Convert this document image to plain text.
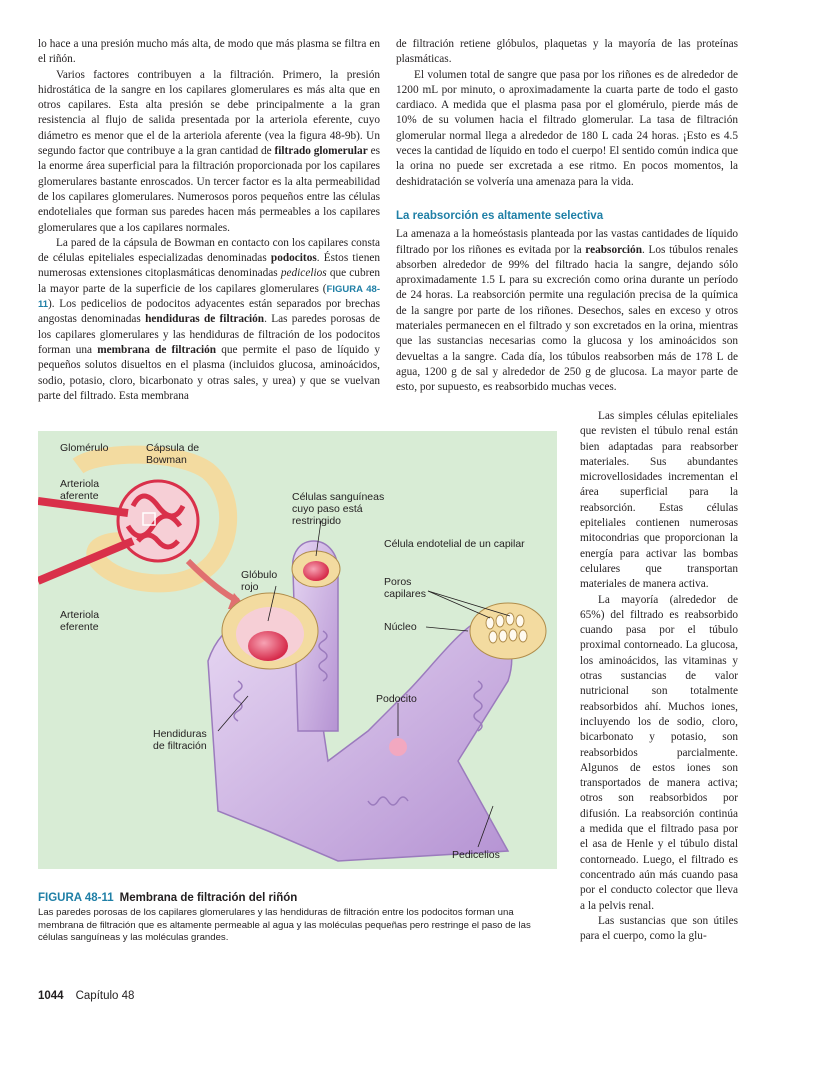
lo hace a una presión mucho más alta, de modo que más plasma se filtra en el riñón.

Varios factores contribuyen a la filtración. Primero, la presión hidrostática de la sangre en los capilares glomerulares es más alta que en otros capilares. Esta alta presión se debe principalmente a la gran resistencia al flujo de salida presentada por la arteriola eferente, cuyo diámetro es menor que el de la arteriola aferente (vea la figura 48-9b). Un segundo factor que contribuye a la gran cantidad de filtrado glomerular es la enorme área superficial para la filtración proporcionada por los capilares glomerulares bastante enroscados. Un tercer factor es la alta permeabilidad de los capilares glomerulares. Numerosos poros pequeños entre las células endoteliales que forman sus paredes hacen más permeables a los capilares glomerulares que a los capilares normales.

La pared de la cápsula de Bowman en contacto con los capilares consta de células epiteliales especializadas denominadas podocitos. Éstos tienen numerosas extensiones citoplasmáticas denominadas pedicelios que cubren la mayor parte de la superficie de los capilares glomerulares (FIGURA 48-11). Los pedicelios de podocitos adyacentes están separados por brechas angostas denominadas hendiduras de filtración. Las paredes porosas de los capilares glomerulares y las hendiduras de filtración de los podocitos forman una membrana de filtración que permite el paso de líquido y pequeños solutos disueltos en el plasma (incluidos glucosa, aminoácidos, sodio, potasio, cloro, bicarbonato y otras sales, y urea) y que se vuelvan parte del filtrado. Esta membrana

de filtración retiene glóbulos, plaquetas y la mayoría de las proteínas plasmáticas.

El volumen total de sangre que pasa por los riñones es de alrededor de 1200 mL por minuto, o aproximadamente la cuarta parte de todo el gasto cardiaco. A medida que el plasma pasa por el glomérulo, pierde más de 10% de su volumen hacia el filtrado glomerular. La tasa de filtración glomerular normal llega a alrededor de 180 L cada 24 horas. ¡Esto es 4.5 veces la cantidad de líquido en todo el cuerpo! El sentido común indica que la orina no puede ser excretada a ese ritmo. En pocos momentos, la deshidratación se volvería una amenaza para la vida.

La reabsorción es altamente selectiva

La amenaza a la homeóstasis planteada por las vastas cantidades de líquido filtrado por los riñones es evitada por la reabsorción. Los túbulos renales absorben alrededor de 99% del filtrado hacia la sangre, dejando sólo aproximadamente 1.5 L para su excreción como orina durante un período de 24 horas. La reabsorción permite una regulación precisa de la química de la sangre por parte de los riñones. Desechos, sales en exceso y otros materiales permanecen en el filtrado y son excretados en la orina, mientras que las sustancias necesarias como la glucosa y los aminoácidos son devueltas a la sangre. Cada día, los túbulos reabsorben más de 178 L de agua, 1200 g de sal y alrededor de 250 g de glucosa. La mayor parte de esto, por supuesto, es reabsorbido muchas veces.

Las simples células epiteliales que revisten el túbulo renal están bien adaptadas para reabsorber materiales. Sus abundantes microvellosidades incrementan el área superficial para la reabsorción. Estas células epiteliales contienen numerosas mitocondrias que proporcionan la energía para activar las bombas celulares que transportan materiales de manera activa.

La mayoría (alrededor de 65%) del filtrado es reabsorbido cuando pasa por el túbulo proximal contorneado. La glucosa, los aminoácidos, las vitaminas y otras sustancias de valor nutricional son totalmente reabsorbidos ahí. Muchos iones, incluyendo los de sodio, cloro, bicarbonato y potasio, son reabsorbidos parcialmente. Algunos de estos iones son transportados de manera activa; otros son reabsorbidos por difusión. La reabsorción continúa a medida que el filtrado pasa por el asa de Henle y el túbulo distal contorneado. Luego, el filtrado es concentrado aún más cuando pasa por el conducto colector que lleva a la pelvis renal.

Las sustancias que son útiles para el cuerpo, como la glu-

Glomérulo	Cápsula de
Bowman
Arteriola
aferente
Arteriola
eferente
Células sanguíneas
cuyo paso está
restringido
Célula endotelial de un capilar
Glóbulo
rojo	Poros
capilares
Núcleo
Podocito
Hendiduras
de filtración
Pedicelios
FIGURA 48-11 Membrana de filtración del riñón
Las paredes porosas de los capilares glomerulares y las hendiduras de filtración entre los podocitos forman una membrana de filtración que es altamente permeable al agua y las moléculas pequeñas pero restringe el paso de las células sanguíneas y las moléculas grandes.
1044 Capítulo 48
